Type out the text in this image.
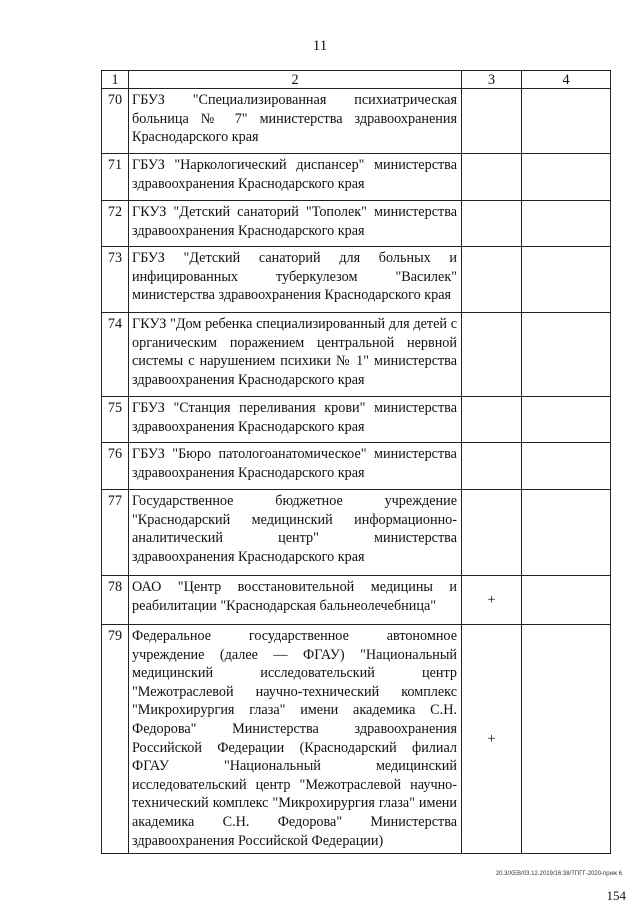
11
1	2	3	4
70	ГБУЗ "Специализированная психиатрическая больница № 7" министерства здравоохранения Краснодарского края		
71	ГБУЗ "Наркологический диспансер" министерства здравоохранения Краснодарского края		
72	ГКУЗ "Детский санаторий "Тополек" министерства здравоохранения Краснодарского края		
73	ГБУЗ "Детский санаторий для больных и инфицированных туберкулезом "Василек" министерства здравоохранения Краснодарского края		
74	ГКУЗ "Дом ребенка специализированный для детей с органическим поражением центральной нервной системы с нарушением психики № 1" министерства здравоохранения Краснодарского края		
75	ГБУЗ "Станция переливания крови" министерства здравоохранения Краснодарского края		
76	ГБУЗ "Бюро патологоанатомическое" министерства здравоохранения Краснодарского края		
77	Государственное бюджетное учреждение "Краснодарский медицинский информационно-аналитический центр" министерства здравоохранения Краснодарского края		
78	ОАО "Центр восстановительной медицины и реабилитации "Краснодарская бальнеолечебница"	+	
79	Федеральное государственное автономное учреждение (далее — ФГАУ) "Национальный медицинский исследовательский центр "Межотраслевой научно-технический комплекс "Микрохирургия глаза" имени академика С.Н. Федорова" Министерства здравоохранения Российской Федерации (Краснодарский филиал ФГАУ "Национальный медицинский исследовательский центр "Межотраслевой научно-технический комплекс "Микрохирургия глаза" имени академика С.Н. Федорова" Министерства здравоохранения Российской Федерации)	+	
20.3/ХЕВ/03.12.2019/16:38/ТПГГ-2020-приж 6
154
